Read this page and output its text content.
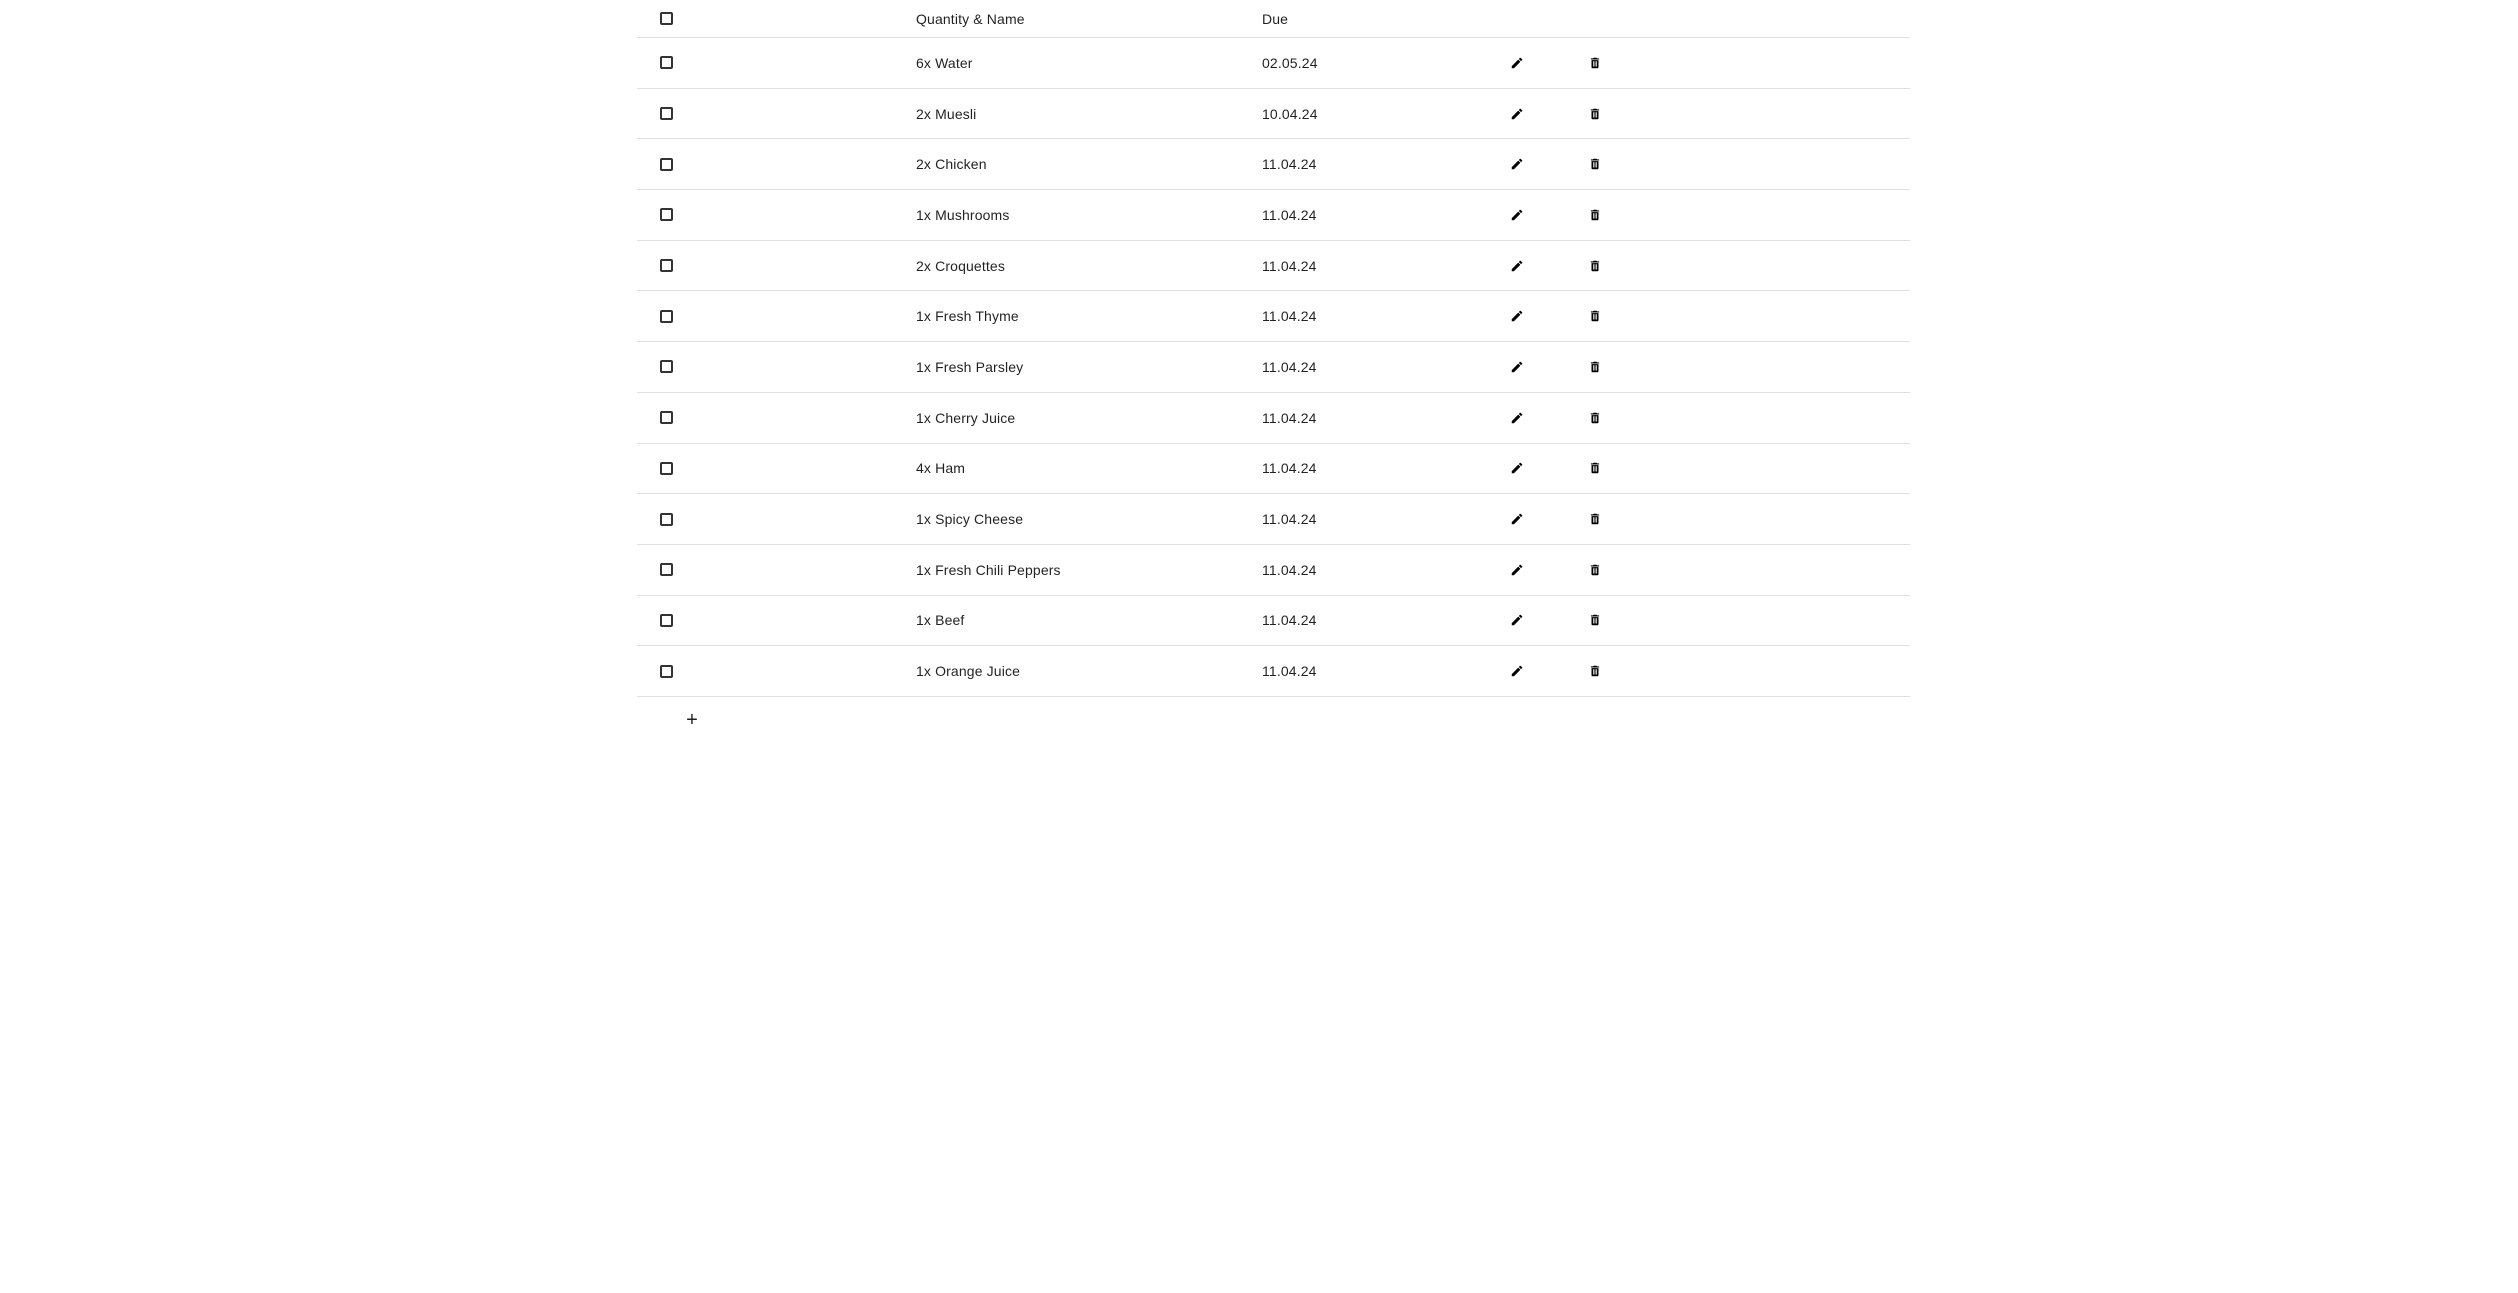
Quantity & Name	Due
6x Water	02.05.24
2x Muesli	10.04.24
2x Chicken	11.04.24
1x Mushrooms	11.04.24
2x Croquettes	11.04.24
1x Fresh Thyme	11.04.24
1x Fresh Parsley	11.04.24
1x Cherry Juice	11.04.24
4x Ham	11.04.24
1x Spicy Cheese	11.04.24
1x Fresh Chili Peppers	11.04.24
1x Beef	11.04.24
1x Orange Juice	11.04.24
+
